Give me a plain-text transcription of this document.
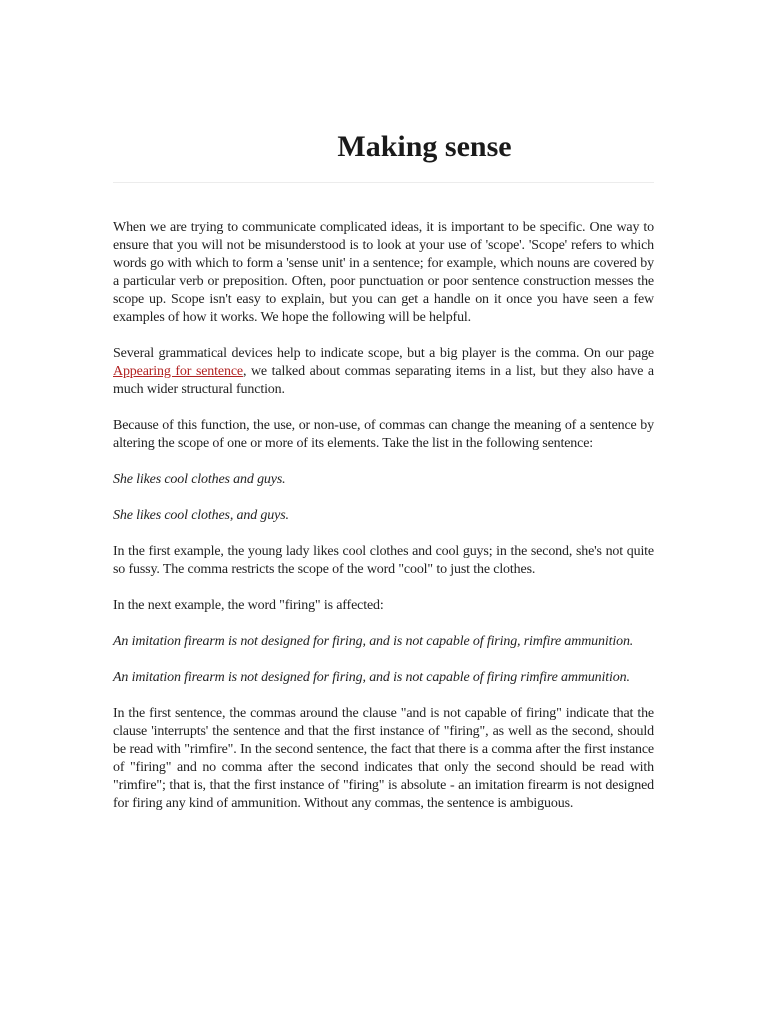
Making sense

When we are trying to communicate complicated ideas, it is important to be specific. One way to ensure that you will not be misunderstood is to look at your use of 'scope'. 'Scope' refers to which words go with which to form a 'sense unit' in a sentence; for example, which nouns are covered by a particular verb or preposition. Often, poor punctuation or poor sentence construction messes the scope up. Scope isn't easy to explain, but you can get a handle on it once you have seen a few examples of how it works. We hope the following will be helpful.

Several grammatical devices help to indicate scope, but a big player is the comma. On our page Appearing for sentence, we talked about commas separating items in a list, but they also have a much wider structural function.

Because of this function, the use, or non-use, of commas can change the meaning of a sentence by altering the scope of one or more of its elements. Take the list in the following sentence:

She likes cool clothes and guys.

She likes cool clothes, and guys.

In the first example, the young lady likes cool clothes and cool guys; in the second, she's not quite so fussy. The comma restricts the scope of the word "cool" to just the clothes.

In the next example, the word "firing" is affected:

An imitation firearm is not designed for firing, and is not capable of firing, rimfire ammunition.

An imitation firearm is not designed for firing, and is not capable of firing rimfire ammunition.

In the first sentence, the commas around the clause "and is not capable of firing" indicate that the clause 'interrupts' the sentence and that the first instance of "firing", as well as the second, should be read with "rimfire". In the second sentence, the fact that there is a comma after the first instance of "firing" and no comma after the second indicates that only the second should be read with "rimfire"; that is, that the first instance of "firing" is absolute - an imitation firearm is not designed for firing any kind of ammunition. Without any commas, the sentence is ambiguous.
